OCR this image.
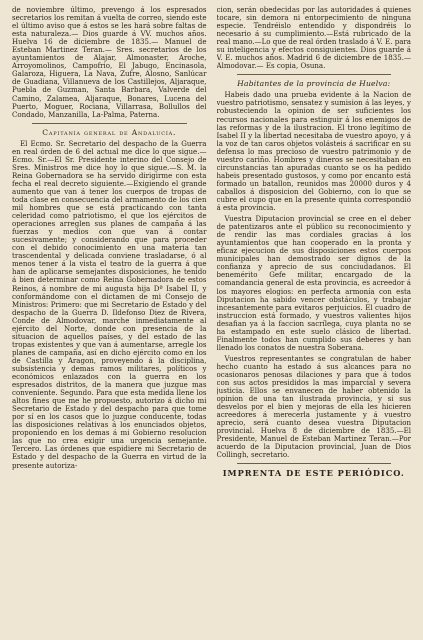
de noviembre último, prevengo á los espresados secretarios los remitan á vuelta de correo, siendo este el último aviso que á estos se les hará sobre faltas de esta naturaleza.— Dios guarde á VV. muchos años. Huelva 16 de diciembre de 1835.— Manuel de Esteban Martinez Teran.— Sres. secretarios de los ayuntamientos de Alajar, Almonaster, Aroche, Arroyomolinos, Campofrio, El Jabugo, Encinasola, Galaroza, Higuera, La Nava, Zufre, Alosno, Sanlúcar de Guadiana, Villanueva de los Castillejos, Aljaraque, Puebla de Guzman, Santa Barbara, Valverde del Camino, Zalamea, Aljaraque, Bonares, Lucena del Puerto, Moguer, Rociana, Villarrasa, Bollullos del Condado, Manzanilla, La-Palma, Paterna.

Capitanía general de Andalucía.

El Ecmo. Sr. Secretario del despacho de la Guerra en real órden de 6 del actual me dice lo que sigue.—Ecmo. Sr.—El Sr. Presidente interino del Consejo de Sres. Ministros me dice hoy lo que sigue.—S. M. la Reina Gobernadora se ha servido dirigirme con esta fecha el real decreto siguiente.—Exigiendo el grande aumento que van á tener los cuerpos de tropas de toda clase en consecuencia del armamento de los cien mil hombres que se está practicando con tanta celeridad como patriotismo, el que los ejércitos de operaciones arreglen sus planes de campaña á las fuerzas y medios con que van á contar sucesivamente; y considerando que para proceder con el debido conocimiento en una materia tan trascendental y delicada conviene trasladarse, ó al menos tener á la vista el teatro de la guerra á que han de aplicarse semejantes disposiciones, he tenido á bien determinar como Reina Gobernadora de estos Reinos, á nombre de mi augusta hija Dª Isabel II, y conformándome con el dictamen de mi Consejo de Ministros: Primero: que mi Secretario de Estado y del despacho de la Guerra D. Ildefonso Diez de Rivera, Conde de Almodovar, marche inmediatamente al ejército del Norte, donde con presencia de la situacion de aquellos países, y del estado de las tropas existentes y que van á aumentarse, arregle los planes de campaña, así en dicho ejército como en los de Castilla y Aragon, proveyendo á la disciplina, subsistencia y demas ramos militares, políticos y económicos enlazados con la guerra en los espresados distritos, de la manera que juzgue mas conveniente. Segundo. Para que esta medida llene los altos fines que me he propuesto, autorizo á dicho mi Secretario de Estado y del despacho para que tome por sí en los casos que lo juzgue conducente, todas las disposiciones relativas á los enunciados objetos, proponiendo en los demas á mi Gobierno resolucion las que no crea exigir una urgencia semejante. Tercero. Las órdenes que espidiere mi Secretario de Estado y del despacho de la Guerra en virtud de la presente autoriza-

cion, serán obedecidas por las autoridades á quienes tocare, sin demora ni entorpecimiento de ninguna especie. Tendréislo entendido y dispondréis lo necesario á su cumplimiento.—Está rubricado de la real mano.—Lo que de real órden traslado á V. E. para su inteligencia y efectos consiguientes. Dios guarde á V. E. muchos años. Madrid 6 de diciembre de 1835.—Almodovar.— Es copia, Osuna.

Habitantes de la provincia de Huelva:

Habeis dado una prueba evidente á la Nacion de vuestro patriotismo, sensatez y sumision á las leyes, y robusteciendo la opinion de ser suficientes los recursos nacionales para estinguir á los enemigos de las reformas y de la ilustracion. El trono legítimo de Isabel II y la libertad necesitaba de vuestro apoyo, y á la voz de tan caros objetos volásteis á sacrificar en su defensa lo mas precioso de vuestro patrimonio y de vuestro cariño. Hombres y dineros se necesitaban en circunstancias tan apuradas cuanto se os ha pedido habeis presentado gustosos, y como por encanto está formado un batallon, reunidos mas 20000 duros y 4 caballos á disposicion del Gobierno, con lo que se cubre el cupo que en la presente quinta correspondió á esta provincia.

Vuestra Diputacion provincial se cree en el deber de patentizaros ante el público su reconocimiento y de rendir las mas cordiales gracias á los ayuntamientos que han cooperado en la pronta y eficaz ejecucion de sus disposiciones estos cuerpos municipales han demostrado ser dignos de la confianza y aprecio de sus conciudadanos. El benemérito Gefe militar, encargado de la comandancia general de esta provincia, es acreedor á los mayores elogios: en perfecta armonía con esta Diputacion ha sabido vencer obstáculos, y trabajar incesantemente para evitaros perjuicios. El cuadro de instruccion está formado, y vuestros valientes hijos desafian ya á la faccion sacrílega, cuya planta no se ha estampado en este suelo clásico de libertad. Finalmente todos han cumplido sus deberes y han llenado los conatos de nuestra Soberana.

Vuestros representantes se congratulan de haber hecho cuanto ha estado á sus alcances para no ocasionaros penosas dilaciones y para que á todos con sus actos presididos la mas imparcial y severa justicia. Ellos se envanecen de haber obtenido la opinion de una tan ilustrada provincia, y si sus desvelos por el bien y mejoras de ella les hicieren acreedores á merecerla justamente y á vuestro aprecio, será cuanto desea vuestra Diputacion provincial. Huelva 8 de diciembre de 1835.—El Presidente, Manuel de Esteban Martinez Teran.—Por acuerdo de la Diputacion provincial, Juan de Dios Collingh, secretario.

IMPRENTA DE ESTE PERIÓDICO.
